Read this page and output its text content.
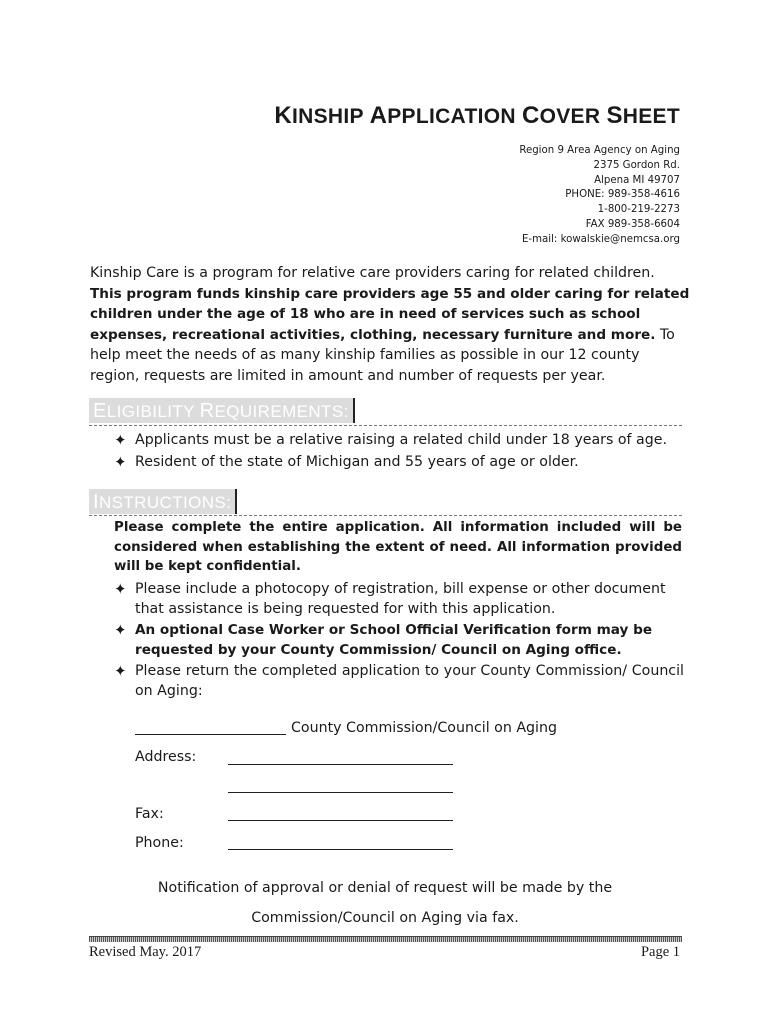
KINSHIP APPLICATION COVER SHEET
Region 9 Area Agency on Aging
2375 Gordon Rd.
Alpena MI 49707
PHONE: 989-358-4616
1-800-219-2273
FAX 989-358-6604
E-mail: kowalskie@nemcsa.org
Kinship Care is a program for relative care providers caring for related children. This program funds kinship care providers age 55 and older caring for related children under the age of 18 who are in need of services such as school expenses, recreational activities, clothing, necessary furniture and more. To help meet the needs of as many kinship families as possible in our 12 county region, requests are limited in amount and number of requests per year.
ELIGIBILITY REQUIREMENTS:
✦ Applicants must be a relative raising a related child under 18 years of age.
✦ Resident of the state of Michigan and 55 years of age or older.
INSTRUCTIONS:
Please complete the entire application. All information included will be considered when establishing the extent of need. All information provided will be kept confidential.
✦ Please include a photocopy of registration, bill expense or other document that assistance is being requested for with this application.
✦ An optional Case Worker or School Official Verification form may be requested by your County Commission/ Council on Aging office.
✦ Please return the completed application to your County Commission/ Council on Aging:
County Commission/Council on Aging
Address:
Fax:
Phone:
Notification of approval or denial of request will be made by the
Commission/Council on Aging via fax.
Revised May. 2017	Page 1
